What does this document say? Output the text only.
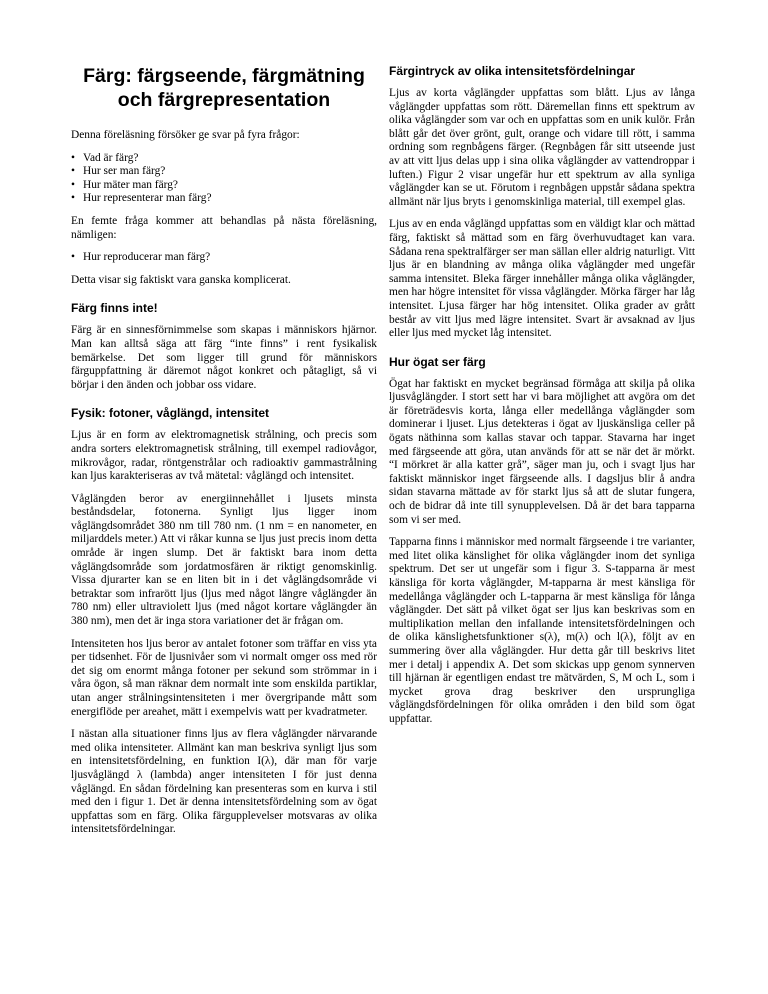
Färg: färgseende, färgmätning och färgrepresentation

Denna föreläsning försöker ge svar på fyra frågor:

• Vad är färg?
• Hur ser man färg?
• Hur mäter man färg?
• Hur representerar man färg?

En femte fråga kommer att behandlas på nästa föreläsning, nämligen:

• Hur reproducerar man färg?

Detta visar sig faktiskt vara ganska komplicerat.

Färg finns inte!

Färg är en sinnesförnimmelse som skapas i människors hjärnor. Man kan alltså säga att färg “inte finns” i rent fysikalisk bemärkelse. Det som ligger till grund för människors färguppfattning är däremot något konkret och påtagligt, så vi börjar i den änden och jobbar oss vidare.

Fysik: fotoner, våglängd, intensitet

Ljus är en form av elektromagnetisk strålning, och precis som andra sorters elektromagnetisk strålning, till exempel radiovågor, mikrovågor, radar, röntgenstrålar och radioaktiv gammastrålning kan ljus karakteriseras av två mätetal: våglängd och intensitet.

Våglängden beror av energiinnehållet i ljusets minsta beståndsdelar, fotonerna. Synligt ljus ligger inom våglängdsområdet 380 nm till 780 nm. (1 nm = en nanometer, en miljarddels meter.) Att vi råkar kunna se ljus just precis inom detta område är ingen slump. Det är faktiskt bara inom detta våglängdsområde som jordatmosfären är riktigt genomskinlig. Vissa djurarter kan se en liten bit in i det våglängdsområde vi betraktar som infrarött ljus (ljus med något längre våglängder än 780 nm) eller ultraviolett ljus (med något kortare våglängder än 380 nm), men det är inga stora variationer det är frågan om.

Intensiteten hos ljus beror av antalet fotoner som träffar en viss yta per tidsenhet. För de ljusnivåer som vi normalt omger oss med rör det sig om enormt många fotoner per sekund som strömmar in i våra ögon, så man räknar dem normalt inte som enskilda partiklar, utan anger strålningsintensiteten i mer övergripande mått som energiflöde per areahet, mätt i exempelvis watt per kvadratmeter.

I nästan alla situationer finns ljus av flera våglängder närvarande med olika intensiteter. Allmänt kan man beskriva synligt ljus som en intensitetsfördelning, en funktion I(λ), där man för varje ljusvåglängd λ (lambda) anger intensiteten I för just denna våglängd. En sådan fördelning kan presenteras som en kurva i stil med den i figur 1. Det är denna intensitetsfördelning som av ögat uppfattas som en färg. Olika färgupplevelser motsvaras av olika intensitetsfördelningar.

Färgintryck av olika intensitetsfördelningar

Ljus av korta våglängder uppfattas som blått. Ljus av långa våglängder uppfattas som rött. Däremellan finns ett spektrum av olika våglängder som var och en uppfattas som en unik kulör. Från blått går det över grönt, gult, orange och vidare till rött, i samma ordning som regnbågens färger. (Regnbågen får sitt utseende just av att vitt ljus delas upp i sina olika våglängder av vattendroppar i luften.) Figur 2 visar ungefär hur ett spektrum av alla synliga våglängder kan se ut. Förutom i regnbågen uppstår sådana spektra allmänt när ljus bryts i genomskinliga material, till exempel glas.

Ljus av en enda våglängd uppfattas som en väldigt klar och mättad färg, faktiskt så mättad som en färg överhuvudtaget kan vara. Sådana rena spektralfärger ser man sällan eller aldrig naturligt. Vitt ljus är en blandning av många olika våglängder med ungefär samma intensitet. Bleka färger innehåller många olika våglängder, men har högre intensitet för vissa våglängder. Mörka färger har låg intensitet. Ljusa färger har hög intensitet. Olika grader av grått består av vitt ljus med lägre intensitet. Svart är avsaknad av ljus eller ljus med mycket låg intensitet.

Hur ögat ser färg

Ögat har faktiskt en mycket begränsad förmåga att skilja på olika ljusvåglängder. I stort sett har vi bara möjlighet att avgöra om det är företrädesvis korta, långa eller medellånga våglängder som dominerar i ljuset. Ljus detekteras i ögat av ljuskänsliga celler på ögats näthinna som kallas stavar och tappar. Stavarna har inget med färgseende att göra, utan används för att se när det är mörkt. “I mörkret är alla katter grå”, säger man ju, och i svagt ljus har faktiskt människor inget färgseende alls. I dagsljus blir å andra sidan stavarna mättade av för starkt ljus så att de slutar fungera, och de bidrar då inte till synupplevelsen. Då är det bara tapparna som vi ser med.

Tapparna finns i människor med normalt färgseende i tre varianter, med litet olika känslighet för olika våglängder inom det synliga spektrum. Det ser ut ungefär som i figur 3. S-tapparna är mest känsliga för korta våglängder, M-tapparna är mest känsliga för medellånga våglängder och L-tapparna är mest känsliga för långa våglängder. Det sätt på vilket ögat ser ljus kan beskrivas som en multiplikation mellan den infallande intensitetsfördelningen och de olika känslighetsfunktioner s(λ), m(λ) och l(λ), följt av en summering över alla våglängder. Hur detta går till beskrivs litet mer i detalj i appendix A. Det som skickas upp genom synnerven till hjärnan är egentligen endast tre mätvärden, S, M och L, som i mycket grova drag beskriver den ursprungliga våglängdsfördelningen för olika områden i den bild som ögat uppfattar.
